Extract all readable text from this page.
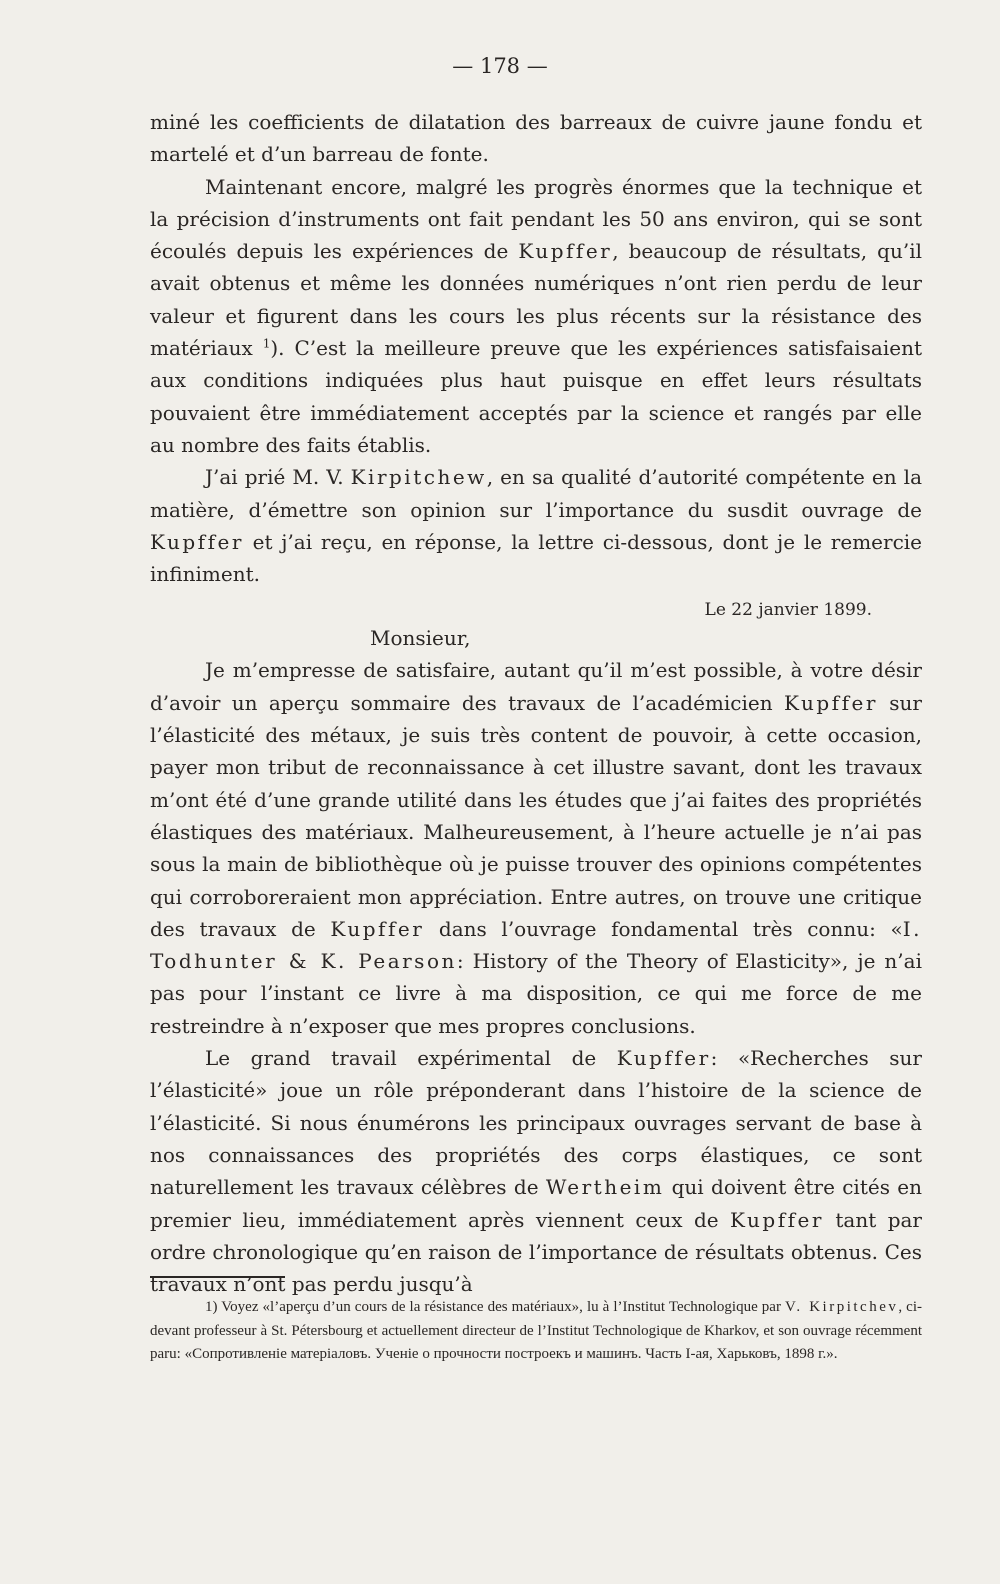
— 178 —

miné les coefficients de dilatation des barreaux de cuivre jaune fondu et martelé et d’un barreau de fonte.

Maintenant encore, malgré les progrès énormes que la technique et la précision d’instruments ont fait pendant les 50 ans environ, qui se sont écoulés depuis les expériences de Kupffer, beaucoup de résultats, qu’il avait obtenus et même les données numériques n’ont rien perdu de leur valeur et figurent dans les cours les plus récents sur la résistance des matériaux $^1$). C’est la meilleure preuve que les expériences satisfaisaient aux conditions indiquées plus haut puisque en effet leurs résultats pouvaient être immédiatement acceptés par la science et rangés par elle au nombre des faits établis.

J’ai prié M. V. Kirpitchew, en sa qualité d’autorité compétente en la matière, d’émettre son opinion sur l’importance du susdit ouvrage de Kupffer et j’ai reçu, en réponse, la lettre ci-dessous, dont je le remercie infiniment.

Le 22 janvier 1899.
Monsieur,

Je m’empresse de satisfaire, autant qu’il m’est possible, à votre désir d’avoir un aperçu sommaire des travaux de l’académicien Kupffer sur l’élasticité des métaux, je suis très content de pouvoir, à cette occasion, payer mon tribut de reconnaissance à cet illustre savant, dont les travaux m’ont été d’une grande utilité dans les études que j’ai faites des propriétés élastiques des matériaux. Malheureusement, à l’heure actuelle je n’ai pas sous la main de bibliothèque où je puisse trouver des opinions compétentes qui corroboreraient mon appréciation. Entre autres, on trouve une critique des travaux de Kupffer dans l’ouvrage fondamental très connu: «I. Todhunter & K. Pearson: History of the Theory of Elasticity», je n’ai pas pour l’instant ce livre à ma disposition, ce qui me force de me restreindre à n’exposer que mes propres conclusions.

Le grand travail expérimental de Kupffer: «Recherches sur l’élasticité» joue un rôle préponderant dans l’histoire de la science de l’élasticité. Si nous énumérons les principaux ouvrages servant de base à nos connaissances des propriétés des corps élastiques, ce sont naturellement les travaux célèbres de Wertheim qui doivent être cités en premier lieu, immédiatement après viennent ceux de Kupffer tant par ordre chronologique qu’en raison de l’importance de résultats obtenus. Ces travaux n’ont pas perdu jusqu’à

1) Voyez «l’aperçu d’un cours de la résistance des matériaux», lu à l’Institut Technologique par V. Kirpitchev, ci-devant professeur à St. Pétersbourg et actuellement directeur de l’Institut Technologique de Kharkov, et son ouvrage récemment paru: «Сопротивленіе матеріаловъ. Ученіе о прочности построекъ и машинъ. Часть I-ая, Харьковъ, 1898 г.».
